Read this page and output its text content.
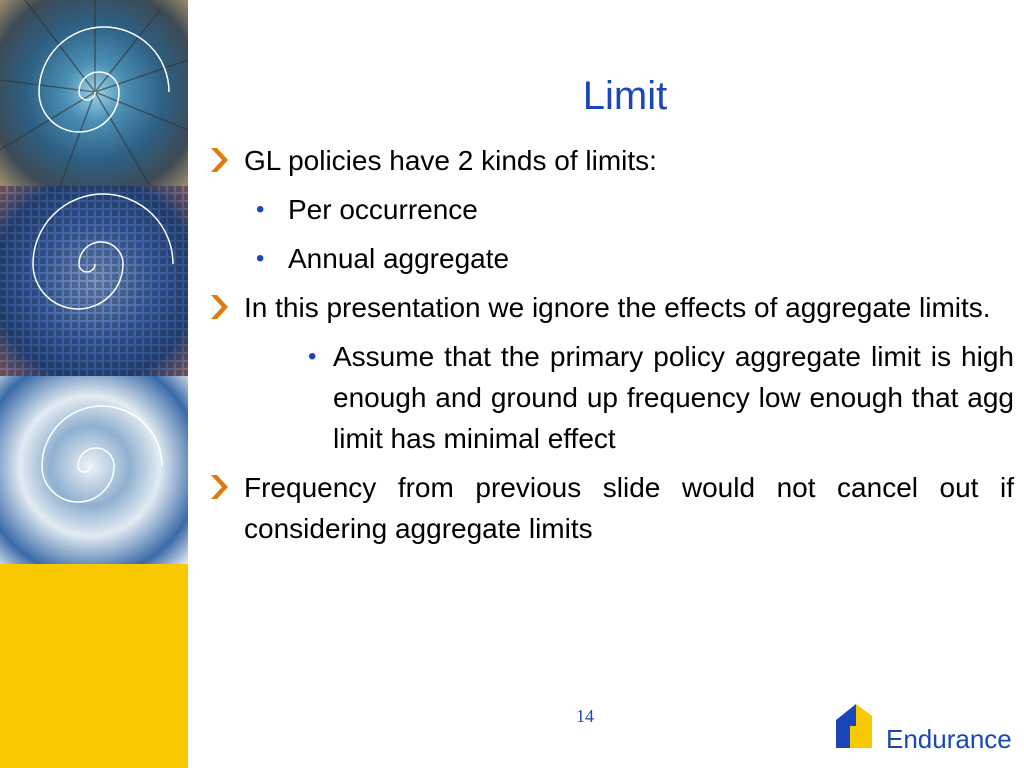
Limit
GL policies have 2 kinds of limits:
• Per occurrence
• Annual aggregate
In this presentation we ignore the effects of aggregate limits.
• Assume that the primary policy aggregate limit is high enough and ground up frequency low enough that agg limit has minimal effect
Frequency from previous slide would not cancel out if considering aggregate limits
14
Endurance
